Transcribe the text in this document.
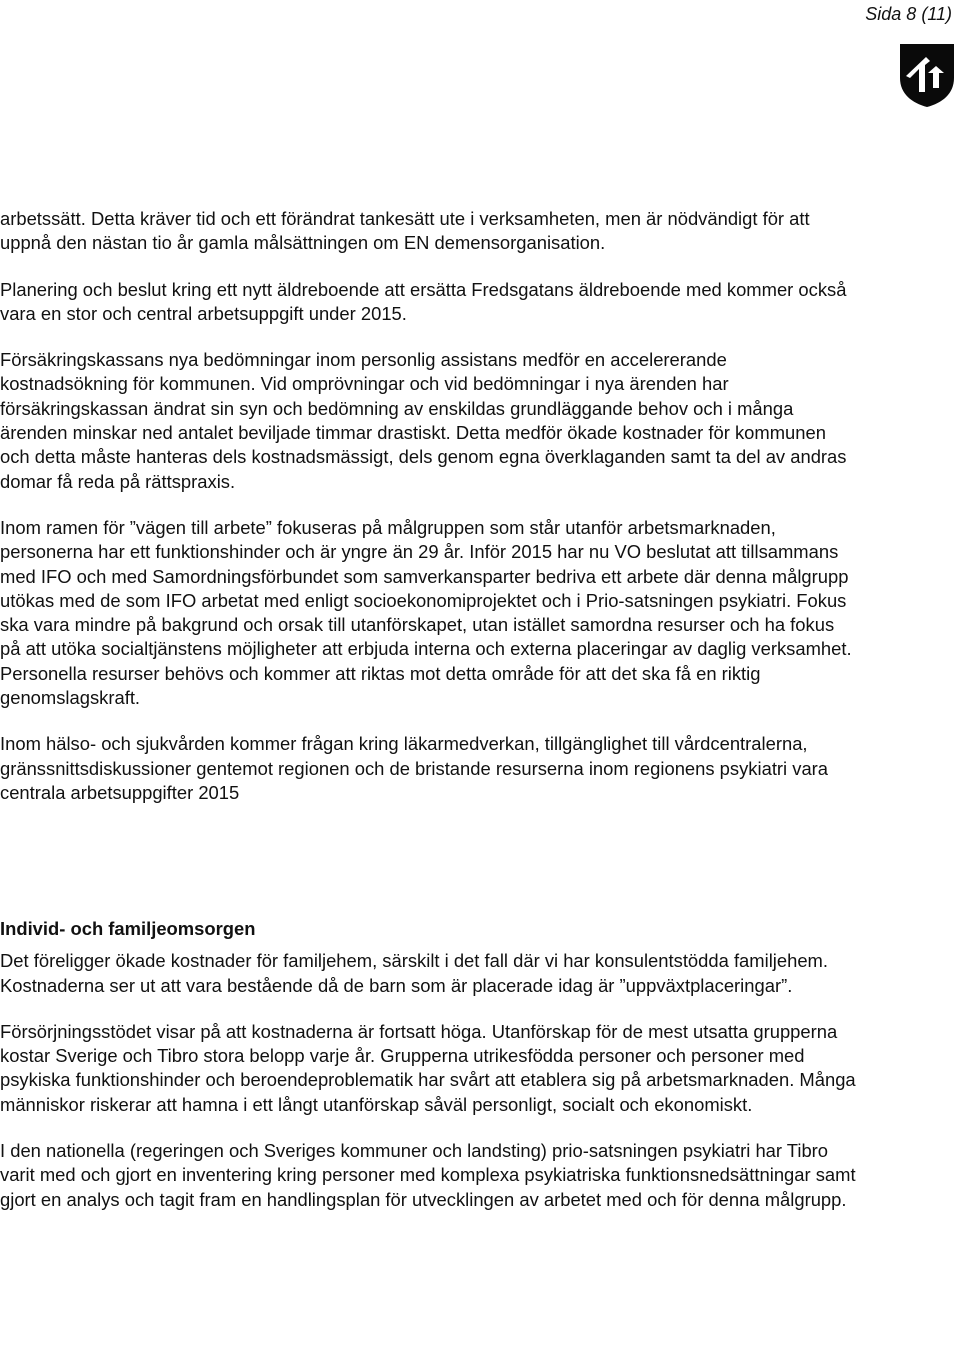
Sida 8 (11)

arbetssätt. Detta kräver tid och ett förändrat tankesätt ute i verksamheten, men är nödvändigt för att uppnå den nästan tio år gamla målsättningen om EN demensorganisation.

Planering och beslut kring ett nytt äldreboende att ersätta Fredsgatans äldreboende med kommer också vara en stor och central arbetsuppgift under 2015.

Försäkringskassans nya bedömningar inom personlig assistans medför en accelererande kostnadsökning för kommunen. Vid omprövningar och vid bedömningar i nya ärenden har försäkringskassan ändrat sin syn och bedömning av enskildas grundläggande behov och i många ärenden minskar ned antalet beviljade timmar drastiskt. Detta medför ökade kostnader för kommunen och detta måste hanteras dels kostnadsmässigt, dels genom egna överklaganden samt ta del av andras domar få reda på rättspraxis.

Inom ramen för ”vägen till arbete” fokuseras på målgruppen som står utanför arbetsmarknaden, personerna har ett funktionshinder och är yngre än 29 år. Inför 2015 har nu VO beslutat att tillsammans med IFO och med Samordningsförbundet som samverkansparter bedriva ett arbete där denna målgrupp utökas med de som IFO arbetat med enligt socioekonomiprojektet och i Prio-satsningen psykiatri. Fokus ska vara mindre på bakgrund och orsak till utanförskapet, utan istället samordna resurser och ha fokus på att utöka socialtjänstens möjligheter att erbjuda interna och externa placeringar av daglig verksamhet. Personella resurser behövs och kommer att riktas mot detta område för att det ska få en riktig genomslagskraft.

Inom hälso- och sjukvården kommer frågan kring läkarmedverkan, tillgänglighet till vårdcentralerna, gränssnittsdiskussioner gentemot regionen och de bristande resurserna inom regionens psykiatri vara centrala arbetsuppgifter 2015

Individ- och familjeomsorgen

Det föreligger ökade kostnader för familjehem, särskilt i det fall där vi har konsulentstödda familjehem. Kostnaderna ser ut att vara bestående då de barn som är placerade idag är ”uppväxtplaceringar”.

Försörjningsstödet visar på att kostnaderna är fortsatt höga. Utanförskap för de mest utsatta grupperna kostar Sverige och Tibro stora belopp varje år. Grupperna utrikesfödda personer och personer med psykiska funktionshinder och beroendeproblematik har svårt att etablera sig på arbetsmarknaden. Många människor riskerar att hamna i ett långt utanförskap såväl personligt, socialt och ekonomiskt.

I den nationella (regeringen och Sveriges kommuner och landsting) prio-satsningen psykiatri har Tibro varit med och gjort en inventering kring personer med komplexa psykiatriska funktionsnedsättningar samt gjort en analys och tagit fram en handlingsplan för utvecklingen av arbetet med och för denna målgrupp.
